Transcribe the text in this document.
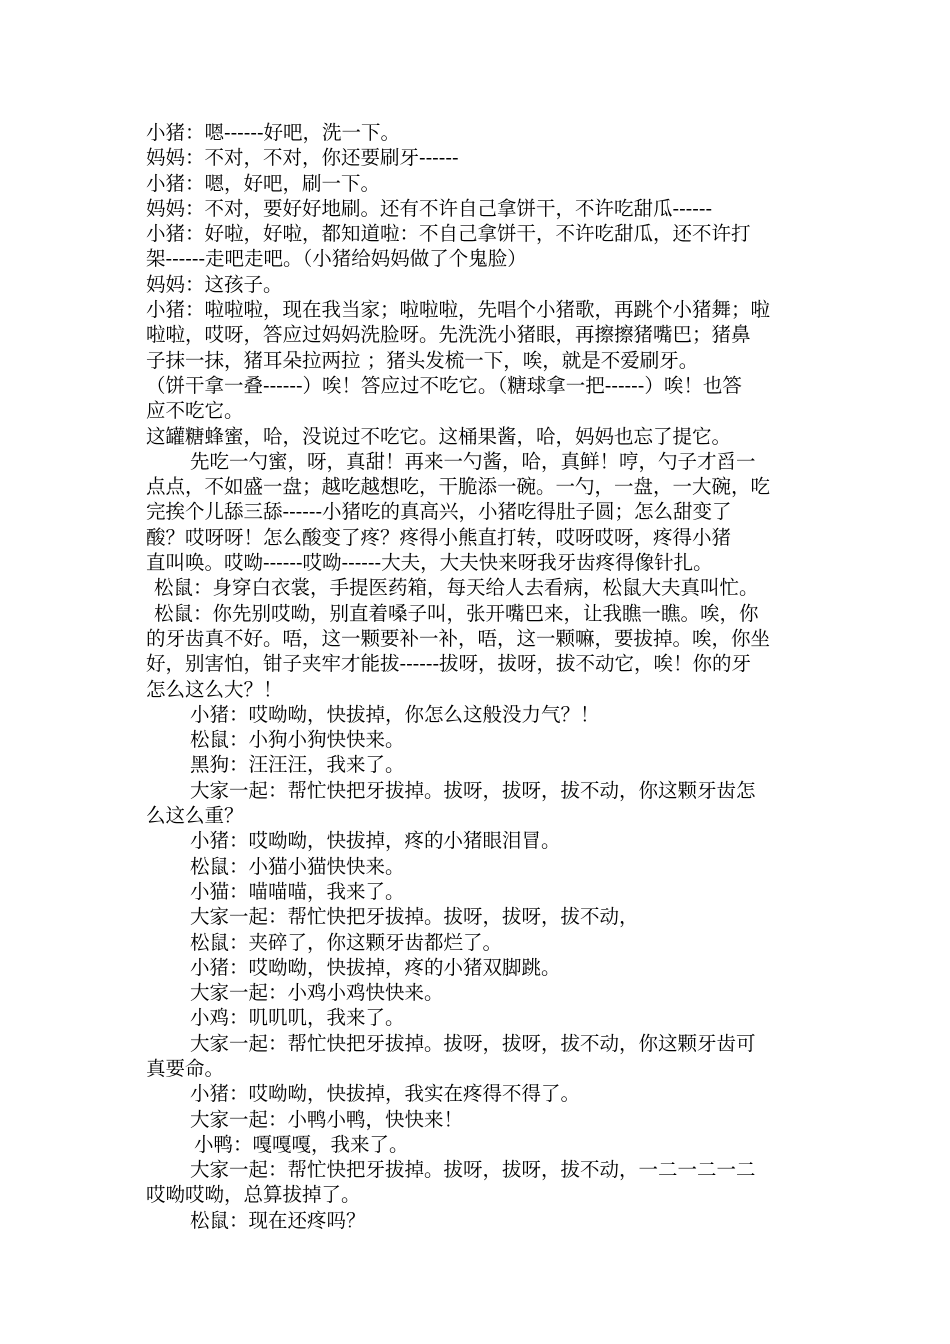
小猪：嗯------好吧，洗一下。
妈妈：不对，不对，你还要刷牙------
小猪：嗯，好吧，刷一下。
妈妈：不对，要好好地刷。还有不许自己拿饼干，不许吃甜瓜------
小猪：好啦，好啦，都知道啦：不自己拿饼干，不许吃甜瓜，还不许打
架------走吧走吧。（小猪给妈妈做了个鬼脸）
妈妈：这孩子。
小猪：啦啦啦，现在我当家；啦啦啦，先唱个小猪歌，再跳个小猪舞；啦
啦啦，哎呀，答应过妈妈洗脸呀。先洗洗小猪眼，再擦擦猪嘴巴；猪鼻
子抹一抹，猪耳朵拉两拉 ；猪头发梳一下，唉，就是不爱刷牙。
（饼干拿一叠------）唉！答应过不吃它。（糖球拿一把------）唉！也答
应不吃它。
这罐糖蜂蜜，哈，没说过不吃它。这桶果酱，哈，妈妈也忘了提它。
先吃一勺蜜，呀，真甜！再来一勺酱，哈，真鲜！哼，勺子才舀一
点点，不如盛一盘；越吃越想吃，干脆添一碗。一勺，一盘，一大碗，吃
完挨个儿舔三舔------小猪吃的真高兴，小猪吃得肚子圆；怎么甜变了
酸？哎呀呀！怎么酸变了疼？疼得小熊直打转，哎呀哎呀，疼得小猪
直叫唤。哎呦------哎呦------大夫，大夫快来呀我牙齿疼得像针扎。
松鼠：身穿白衣裳，手提医药箱，每天给人去看病，松鼠大夫真叫忙。
松鼠：你先别哎呦，别直着嗓子叫，张开嘴巴来，让我瞧一瞧。唉，你
的牙齿真不好。唔，这一颗要补一补，唔，这一颗嘛，要拔掉。唉，你坐
好，别害怕，钳子夹牢才能拔------拔呀，拔呀，拔不动它，唉！你的牙
怎么这么大？！
小猪：哎呦呦，快拔掉，你怎么这般没力气？！
松鼠：小狗小狗快快来。
黑狗：汪汪汪，我来了。
大家一起：帮忙快把牙拔掉。拔呀，拔呀，拔不动，你这颗牙齿怎
么这么重？
小猪：哎呦呦，快拔掉，疼的小猪眼泪冒。
松鼠：小猫小猫快快来。
小猫：喵喵喵，我来了。
大家一起：帮忙快把牙拔掉。拔呀，拔呀，拔不动，
松鼠：夹碎了，你这颗牙齿都烂了。
小猪：哎呦呦，快拔掉，疼的小猪双脚跳。
大家一起：小鸡小鸡快快来。
小鸡：叽叽叽，我来了。
大家一起：帮忙快把牙拔掉。拔呀，拔呀，拔不动，你这颗牙齿可
真要命。
小猪：哎呦呦，快拔掉，我实在疼得不得了。
大家一起：小鸭小鸭，快快来！
小鸭：嘎嘎嘎，我来了。
大家一起：帮忙快把牙拔掉。拔呀，拔呀，拔不动，一二一二一二
哎呦哎呦，总算拔掉了。
松鼠：现在还疼吗？
